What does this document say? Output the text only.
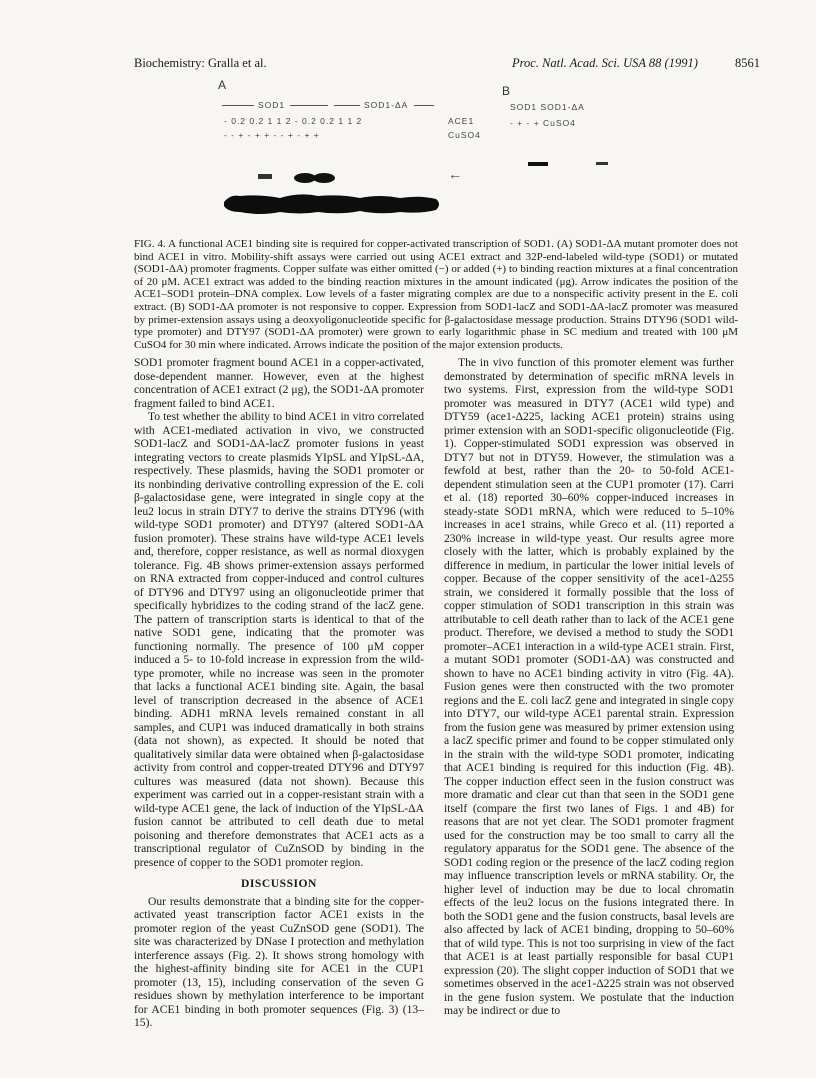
Biochemistry: Gralla et al.	Proc. Natl. Acad. Sci. USA 88 (1991)	8561
A	B
SOD1	SOD1-ΔA
- 0.2 0.2 1 1 2 - 0.2 0.2 1 1 2	ACE1
- - + - + + - - + - + +	CuSO4
SOD1 SOD1-ΔA
- + - + CuSO4
←

FIG. 4. A functional ACE1 binding site is required for copper-activated transcription of SOD1. (A) SOD1-ΔA mutant promoter does not bind ACE1 in vitro. Mobility-shift assays were carried out using ACE1 extract and 32P-end-labeled wild-type (SOD1) or mutated (SOD1-ΔA) promoter fragments. Copper sulfate was either omitted (−) or added (+) to binding reaction mixtures at a final concentration of 20 μM. ACE1 extract was added to the binding reaction mixtures in the amount indicated (μg). Arrow indicates the position of the ACE1–SOD1 protein–DNA complex. Low levels of a faster migrating complex are due to a nonspecific activity present in the E. coli extract. (B) SOD1-ΔA promoter is not responsive to copper. Expression from SOD1-lacZ and SOD1-ΔA-lacZ promoter was measured by primer-extension assays using a deoxyoligonucleotide specific for β-galactosidase message production. Strains DTY96 (SOD1 wild-type promoter) and DTY97 (SOD1-ΔA promoter) were grown to early logarithmic phase in SC medium and treated with 100 μM CuSO4 for 30 min where indicated. Arrows indicate the position of the major extension products.

SOD1 promoter fragment bound ACE1 in a copper-activated, dose-dependent manner. However, even at the highest concentration of ACE1 extract (2 μg), the SOD1-ΔA promoter fragment failed to bind ACE1.

To test whether the ability to bind ACE1 in vitro correlated with ACE1-mediated activation in vivo, we constructed SOD1-lacZ and SOD1-ΔA-lacZ promoter fusions in yeast integrating vectors to create plasmids YIpSL and YIpSL-ΔA, respectively. These plasmids, having the SOD1 promoter or its nonbinding derivative controlling expression of the E. coli β-galactosidase gene, were integrated in single copy at the leu2 locus in strain DTY7 to derive the strains DTY96 (with wild-type SOD1 promoter) and DTY97 (altered SOD1-ΔA fusion promoter). These strains have wild-type ACE1 levels and, therefore, copper resistance, as well as normal dioxygen tolerance. Fig. 4B shows primer-extension assays performed on RNA extracted from copper-induced and control cultures of DTY96 and DTY97 using an oligonucleotide primer that specifically hybridizes to the coding strand of the lacZ gene. The pattern of transcription starts is identical to that of the native SOD1 gene, indicating that the promoter was functioning normally. The presence of 100 μM copper induced a 5- to 10-fold increase in expression from the wild-type promoter, while no increase was seen in the promoter that lacks a functional ACE1 binding site. Again, the basal level of transcription decreased in the absence of ACE1 binding. ADH1 mRNA levels remained constant in all samples, and CUP1 was induced dramatically in both strains (data not shown), as expected. It should be noted that qualitatively similar data were obtained when β-galactosidase activity from control and copper-treated DTY96 and DTY97 cultures was measured (data not shown). Because this experiment was carried out in a copper-resistant strain with a wild-type ACE1 gene, the lack of induction of the YIpSL-ΔA fusion cannot be attributed to cell death due to metal poisoning and therefore demonstrates that ACE1 acts as a transcriptional regulator of CuZnSOD by binding in the presence of copper to the SOD1 promoter region.

DISCUSSION

Our results demonstrate that a binding site for the copper-activated yeast transcription factor ACE1 exists in the promoter region of the yeast CuZnSOD gene (SOD1). The site was characterized by DNase I protection and methylation interference assays (Fig. 2). It shows strong homology with the highest-affinity binding site for ACE1 in the CUP1 promoter (13, 15), including conservation of the seven G residues shown by methylation interference to be important for ACE1 binding in both promoter sequences (Fig. 3) (13–15).

The in vivo function of this promoter element was further demonstrated by determination of specific mRNA levels in two systems. First, expression from the wild-type SOD1 promoter was measured in DTY7 (ACE1 wild type) and DTY59 (ace1-Δ225, lacking ACE1 protein) strains using primer extension with an SOD1-specific oligonucleotide (Fig. 1). Copper-stimulated SOD1 expression was observed in DTY7 but not in DTY59. However, the stimulation was a fewfold at best, rather than the 20- to 50-fold ACE1-dependent stimulation seen at the CUP1 promoter (17). Carri et al. (18) reported 30–60% copper-induced increases in steady-state SOD1 mRNA, which were reduced to 5–10% increases in ace1 strains, while Greco et al. (11) reported a 230% increase in wild-type yeast. Our results agree more closely with the latter, which is probably explained by the difference in medium, in particular the lower initial levels of copper. Because of the copper sensitivity of the ace1-Δ255 strain, we considered it formally possible that the loss of copper stimulation of SOD1 transcription in this strain was attributable to cell death rather than to lack of the ACE1 gene product. Therefore, we devised a method to study the SOD1 promoter–ACE1 interaction in a wild-type ACE1 strain. First, a mutant SOD1 promoter (SOD1-ΔA) was constructed and shown to have no ACE1 binding activity in vitro (Fig. 4A). Fusion genes were then constructed with the two promoter regions and the E. coli lacZ gene and integrated in single copy into DTY7, our wild-type ACE1 parental strain. Expression from the fusion gene was measured by primer extension using a lacZ specific primer and found to be copper stimulated only in the strain with the wild-type SOD1 promoter, indicating that ACE1 binding is required for this induction (Fig. 4B). The copper induction effect seen in the fusion construct was more dramatic and clear cut than that seen in the SOD1 gene itself (compare the first two lanes of Figs. 1 and 4B) for reasons that are not yet clear. The SOD1 promoter fragment used for the construction may be too small to carry all the regulatory apparatus for the SOD1 gene. The absence of the SOD1 coding region or the presence of the lacZ coding region may influence transcription levels or mRNA stability. Or, the higher level of induction may be due to local chromatin effects of the leu2 locus on the fusions integrated there. In both the SOD1 gene and the fusion constructs, basal levels are also affected by lack of ACE1 binding, dropping to 50–60% that of wild type. This is not too surprising in view of the fact that ACE1 is at least partially responsible for basal CUP1 expression (20). The slight copper induction of SOD1 that we sometimes observed in the ace1-Δ225 strain was not observed in the gene fusion system. We postulate that the induction may be indirect or due to
